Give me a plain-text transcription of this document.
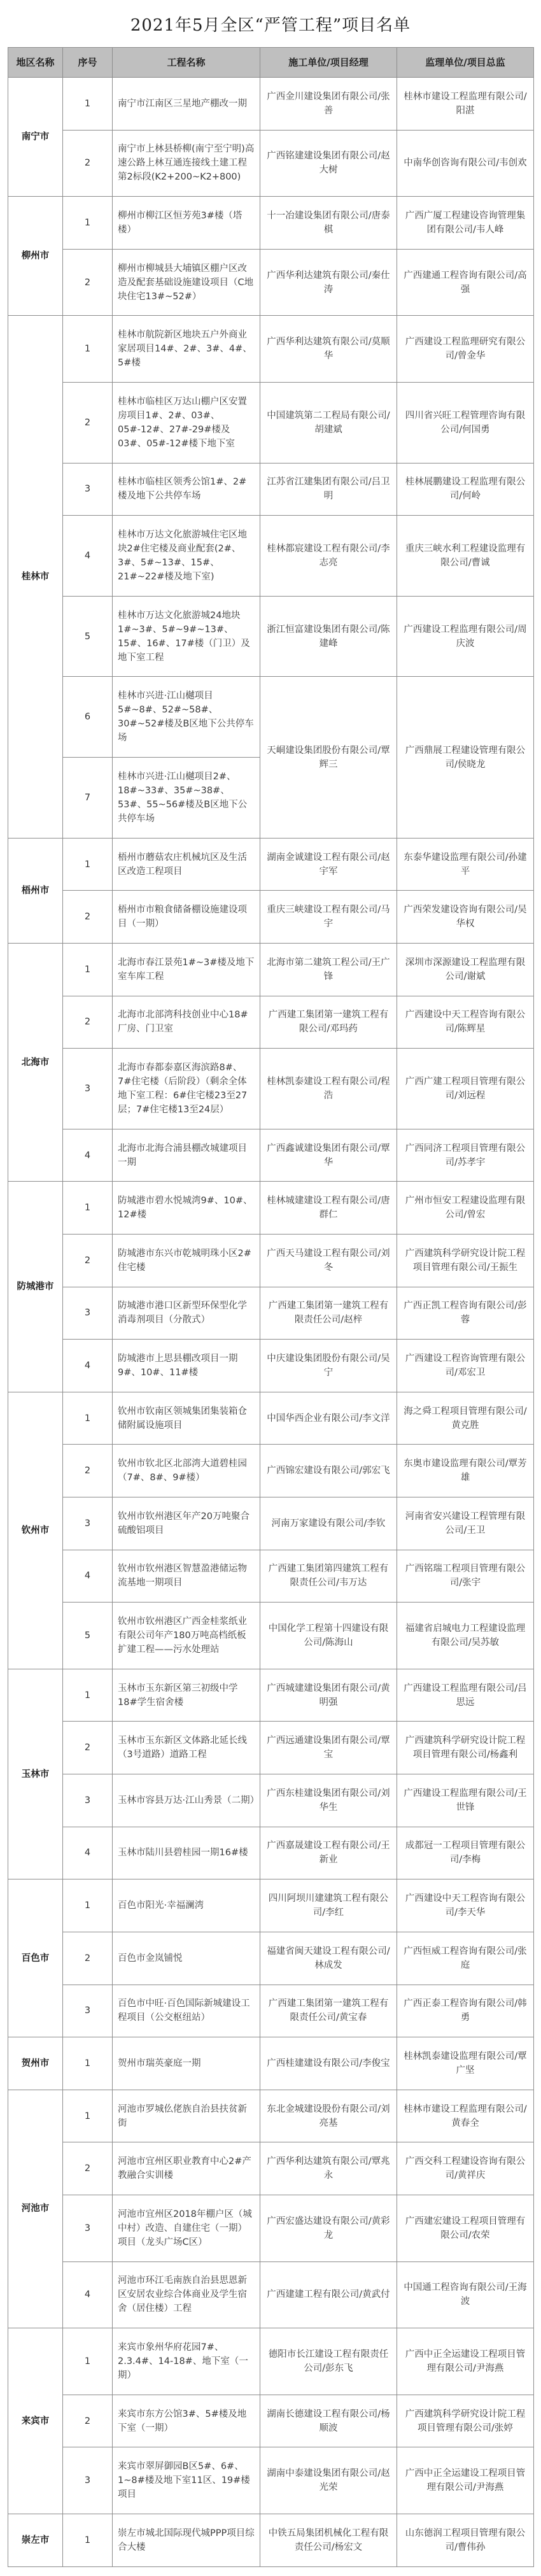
2021年5月全区“严管工程”项目名单
地区名称	序号	工程名称	施工单位/项目经理	监理单位/项目总监
南宁市	1	南宁市江南区三星地产棚改一期	广西金川建设集团有限公司/张善	桂林市建设工程监理有限公司/阳湛
	2	南宁市上林县桥柳(南宁至宁明)高速公路上林互通连接线土建工程第2标段(K2+200~K2+800)	广西铭建建设集团有限公司/赵大树	中南华创咨询有限公司/韦创欢
柳州市	1	柳州市柳江区恒芳苑3#楼（塔楼）	十一冶建设集团有限公司/唐泰棋	广西广厦工程建设咨询管理集团有限公司/韦人峰
	2	柳州市柳城县大埔镇区棚户区改造及配套基础设施建设项目（C地块住宅13#~52#）	广西华利达建筑有限公司/秦仕涛	广西建通工程咨询有限公司/高强
桂林市	1	桂林市航院新区地块五户外商业家居项目14#、2#、3#、4#、5#楼	广西华利达建筑有限公司/莫顺华	广西建设工程监理研究有限公司/曾金华
	2	桂林市临桂区万达山棚户区安置房项目1#、2#、03#、05#-12#、27#-29#楼及03#、05#-12#楼下地下室	中国建筑第二工程局有限公司/胡建斌	四川省兴旺工程管理咨询有限公司/何国勇
	3	桂林市临桂区领秀公馆1#、2#楼及地下公共停车场	江苏省江建集团有限公司/吕卫明	桂林展鹏建设工程监理有限公司/何岭
	4	桂林市万达文化旅游城住宅区地块2#住宅楼及商业配套(2#、3#、5#~13#、15#、21#~22#楼及地下室)	桂林都宸建设工程有限公司/李志亮	重庆三峡水利工程建设监理有限公司/曹诚
	5	桂林市万达文化旅游城24地块1#~3#、5#~9#~13#、15#、16#、17#楼（门卫）及地下室工程	浙江恒富建设集团有限公司/陈建峰	广西建设工程监理有限公司/周庆波
	6	桂林市兴进·江山樾项目5#~8#、52#~58#、30#~52#楼及B区地下公共停车场	天峒建设集团股份有限公司/覃辉三	广西鼎展工程建设管理有限公司/侯晓龙
	7	桂林市兴进·江山樾项目2#、18#~33#、35#~38#、53#、55~56#楼及B区地下公共停车场		
梧州市	1	梧州市蘑菇农庄机械坑区及生活区改造工程项目	湖南金诚建设工程有限公司/赵宇军	东泰华建设监理有限公司/孙建平
	2	梧州市市粮食储备棚设施建设项目（一期）	重庆三峡建设工程有限公司/马宇	广西荣发建设咨询有限公司/吴华权
北海市	1	北海市春江景苑1#~3#楼及地下室车库工程	北海市第二建筑工程公司/王广锋	深圳市深源建设工程监理有限公司/谢斌
	2	北海市北部湾科技创业中心18#厂房、门卫室	广西建工集团第一建筑工程有限公司/邓玛药	广西建设中天工程咨询有限公司/陈辉星
	3	北海市春都泰嘉区海滨路8#、7#住宅楼（后阶段）（剩余全体地下室工程：6#住宅楼23至27层；7#住宅楼13至24层）	桂林凯泰建设工程有限公司/程浩	广西广建工程项目管理有限公司/刘远程
	4	北海市北海合浦县棚改城建项目一期	广西鑫诚建设集团有限公司/覃华	广西同济工程项目管理有限公司/苏孝宇
防城港市	1	防城港市碧水悦城湾9#、10#、12#楼	桂林城建建设工程有限公司/唐群仁	广州市恒安工程建设监理有限公司/曾宏
	2	防城港市东兴市乾城明珠小区2#住宅楼	广西天马建设工程有限公司/刘冬	广西建筑科学研究设计院工程项目管理有限公司/王振生
	3	防城港市港口区新型环保型化学消毒剂项目（分散式）	广西建工集团第一建筑工程有限责任公司/赵梓	广西正凯工程咨询有限公司/彭蓉
	4	防城港市上思县棚改项目一期9#、10#、11#楼	中庆建设集团股份有限公司/吴宁	广西建设工程咨询管理有限公司/邓宏卫
钦州市	1	钦州市钦南区领城集团集装箱仓储附属设施项目	中国华西企业有限公司/李文洋	海之舜工程项目管理有限公司/黄克胜
	2	钦州市钦北区北部湾大道碧桂园（7#、8#、9#楼）	广西锦宏建设有限公司/郭宏飞	东奥市建设监理有限公司/覃芳雄
	3	钦州市钦州港区年产20万吨聚合硫酸铝项目	河南万家建设有限公司/李钦	河南省安兴建设工程管理有限公司/王卫
	4	钦州市钦州港区智慧盈港储运物流基地一期项目	广西建工集团第四建筑工程有限责任公司/韦万达	广西铭瑞工程项目管理有限公司/张宇
	5	钦州市钦州港区广西金桂浆纸业有限公司年产180万吨高档纸板扩建工程——污水处理站	中国化学工程第十四建设有限公司/陈海山	福建省启城电力工程建设监理有限公司/吴苏敏
玉林市	1	玉林市玉东新区第三初级中学18#学生宿舍楼	广西城建建设集团有限公司/黄明强	广西建设工程监理有限公司/吕思远
	2	玉林市玉东新区文体路北延长线（3号道路）道路工程	广西远通建设集团有限公司/覃宝	广西建筑科学研究设计院工程项目管理有限公司/杨鑫利
	3	玉林市容县万达·江山秀景（二期）	广西东桂建设集团有限公司/刘华生	广西建设工程监理有限公司/王世锋
	4	玉林市陆川县碧桂园一期16#楼	广西嘉晟建设工程有限公司/王新业	成都冠一工程项目管理有限公司/李梅
百色市	1	百色市阳光·幸福澜湾	四川阿坝川建建筑工程有限公司/李红	广西建设中天工程咨询有限公司/李天华
	2	百色市金岚铺悦	福建省闽天建设工程有限公司/林成发	广西恒威工程咨询有限公司/张庭
	3	百色市中旺·百色国际新城建设工程项目（公交枢纽站）	广西建工集团第一建筑工程有限责任公司/黄宝春	广西正泰工程咨询有限公司/韩勇
贺州市	1	贺州市瑞英豪庭一期	广西桂建建设有限公司/李俊宝	桂林凯泰建设监理有限公司/覃广坚
河池市	1	河池市罗城仫佬族自治县扶贫新街	东北金城建设股份有限公司/刘亮基	桂林市建设工程监理有限公司/黄春全
	2	河池市宜州区职业教育中心2#产教融合实训楼	广西华利达建筑有限公司/覃兆永	广西交科工程建设咨询有限公司/黄祥庆
	3	河池市宜州区2018年棚户区（城中村）改造、自建住宅（一期）项目（龙头广场C区）	广西宏盛达建设有限公司/黄彩龙	广西建宏建设工程项目管理有限公司/农荣
	4	河池市环江毛南族自治县思恩新区安居农业综合体商业及学生宿舍（居住楼）工程	广西建建工程有限公司/黄武付	中国通工程咨询有限公司/王海波
来宾市	1	来宾市象州华府花园7#、2.3.4#、14-18#、地下室（一期）	德阳市长江建设工程有限责任公司/彭东飞	广西中正全运建设工程项目管理有限公司/尹海燕
	2	来宾市东方公馆3#、5#楼及地下室（一期）	湖南长德建设工程有限公司/杨顺波	广西建筑科学研究设计院工程项目管理有限公司/张婷
	3	来宾市翠屏御园B区5#、6#、1~8#楼及地下室11区、19#楼项目	湖南中泰建设集团有限公司/赵光荣	广西中正全运建设工程项目管理有限公司/尹海燕
崇左市	1	崇左市城北国际现代城PPP项目综合大楼	中铁五局集团机械化工程有限责任公司/杨宏文	山东德润工程项目管理有限公司/曹伟孙
